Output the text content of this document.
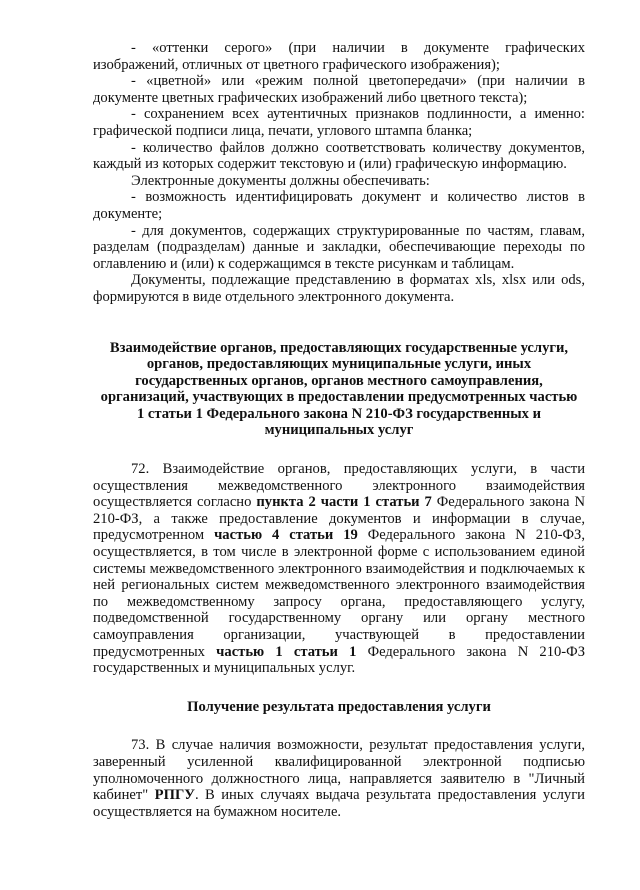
- «оттенки серого» (при наличии в документе графических изображений, отличных от цветного графического изображения);

- «цветной» или «режим полной цветопередачи» (при наличии в документе цветных графических изображений либо цветного текста);

- сохранением всех аутентичных признаков подлинности, а именно: графической подписи лица, печати, углового штампа бланка;

- количество файлов должно соответствовать количеству документов, каждый из которых содержит текстовую и (или) графическую информацию.

Электронные документы должны обеспечивать:

- возможность идентифицировать документ и количество листов в документе;

- для документов, содержащих структурированные по частям, главам, разделам (подразделам) данные и закладки, обеспечивающие переходы по оглавлению и (или) к содержащимся в тексте рисункам и таблицам.

Документы, подлежащие представлению в форматах xls, xlsx или ods, формируются в виде отдельного электронного документа.

Взаимодействие органов, предоставляющих государственные услуги, органов, предоставляющих муниципальные услуги, иных государственных органов, органов местного самоуправления, организаций, участвующих в предоставлении предусмотренных частью 1 статьи 1 Федерального закона N 210-ФЗ государственных и муниципальных услуг

72. Взаимодействие органов, предоставляющих услуги, в части осуществления межведомственного электронного взаимодействия осуществляется согласно пункта 2 части 1 статьи 7 Федерального закона N 210-ФЗ, а также предоставление документов и информации в случае, предусмотренном частью 4 статьи 19 Федерального закона N 210-ФЗ, осуществляется, в том числе в электронной форме с использованием единой системы межведомственного электронного взаимодействия и подключаемых к ней региональных систем межведомственного электронного взаимодействия по межведомственному запросу органа, предоставляющего услугу, подведомственной государственному органу или органу местного самоуправления организации, участвующей в предоставлении предусмотренных частью 1 статьи 1 Федерального закона N 210-ФЗ государственных и муниципальных услуг.

Получение результата предоставления услуги

73. В случае наличия возможности, результат предоставления услуги, заверенный усиленной квалифицированной электронной подписью уполномоченного должностного лица, направляется заявителю в "Личный кабинет" РПГУ. В иных случаях выдача результата предоставления услуги осуществляется на бумажном носителе.
